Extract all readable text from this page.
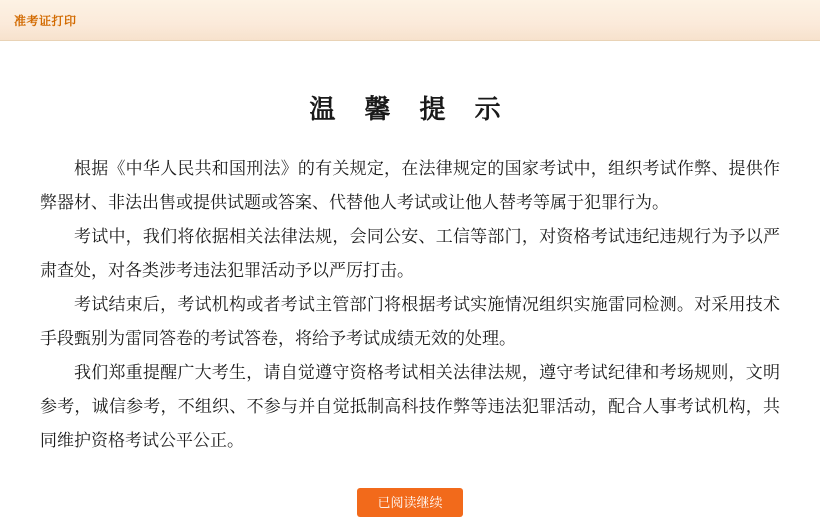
准考证打印
温 馨 提 示

根据《中华人民共和国刑法》的有关规定，在法律规定的国家考试中，组织考试作弊、提供作弊器材、非法出售或提供试题或答案、代替他人考试或让他人替考等属于犯罪行为。

考试中，我们将依据相关法律法规，会同公安、工信等部门，对资格考试违纪违规行为予以严肃查处，对各类涉考违法犯罪活动予以严厉打击。

考试结束后，考试机构或者考试主管部门将根据考试实施情况组织实施雷同检测。对采用技术手段甄别为雷同答卷的考试答卷，将给予考试成绩无效的处理。

我们郑重提醒广大考生，请自觉遵守资格考试相关法律法规，遵守考试纪律和考场规则，文明参考，诚信参考，不组织、不参与并自觉抵制高科技作弊等违法犯罪活动，配合人事考试机构，共同维护资格考试公平公正。

已阅读继续
